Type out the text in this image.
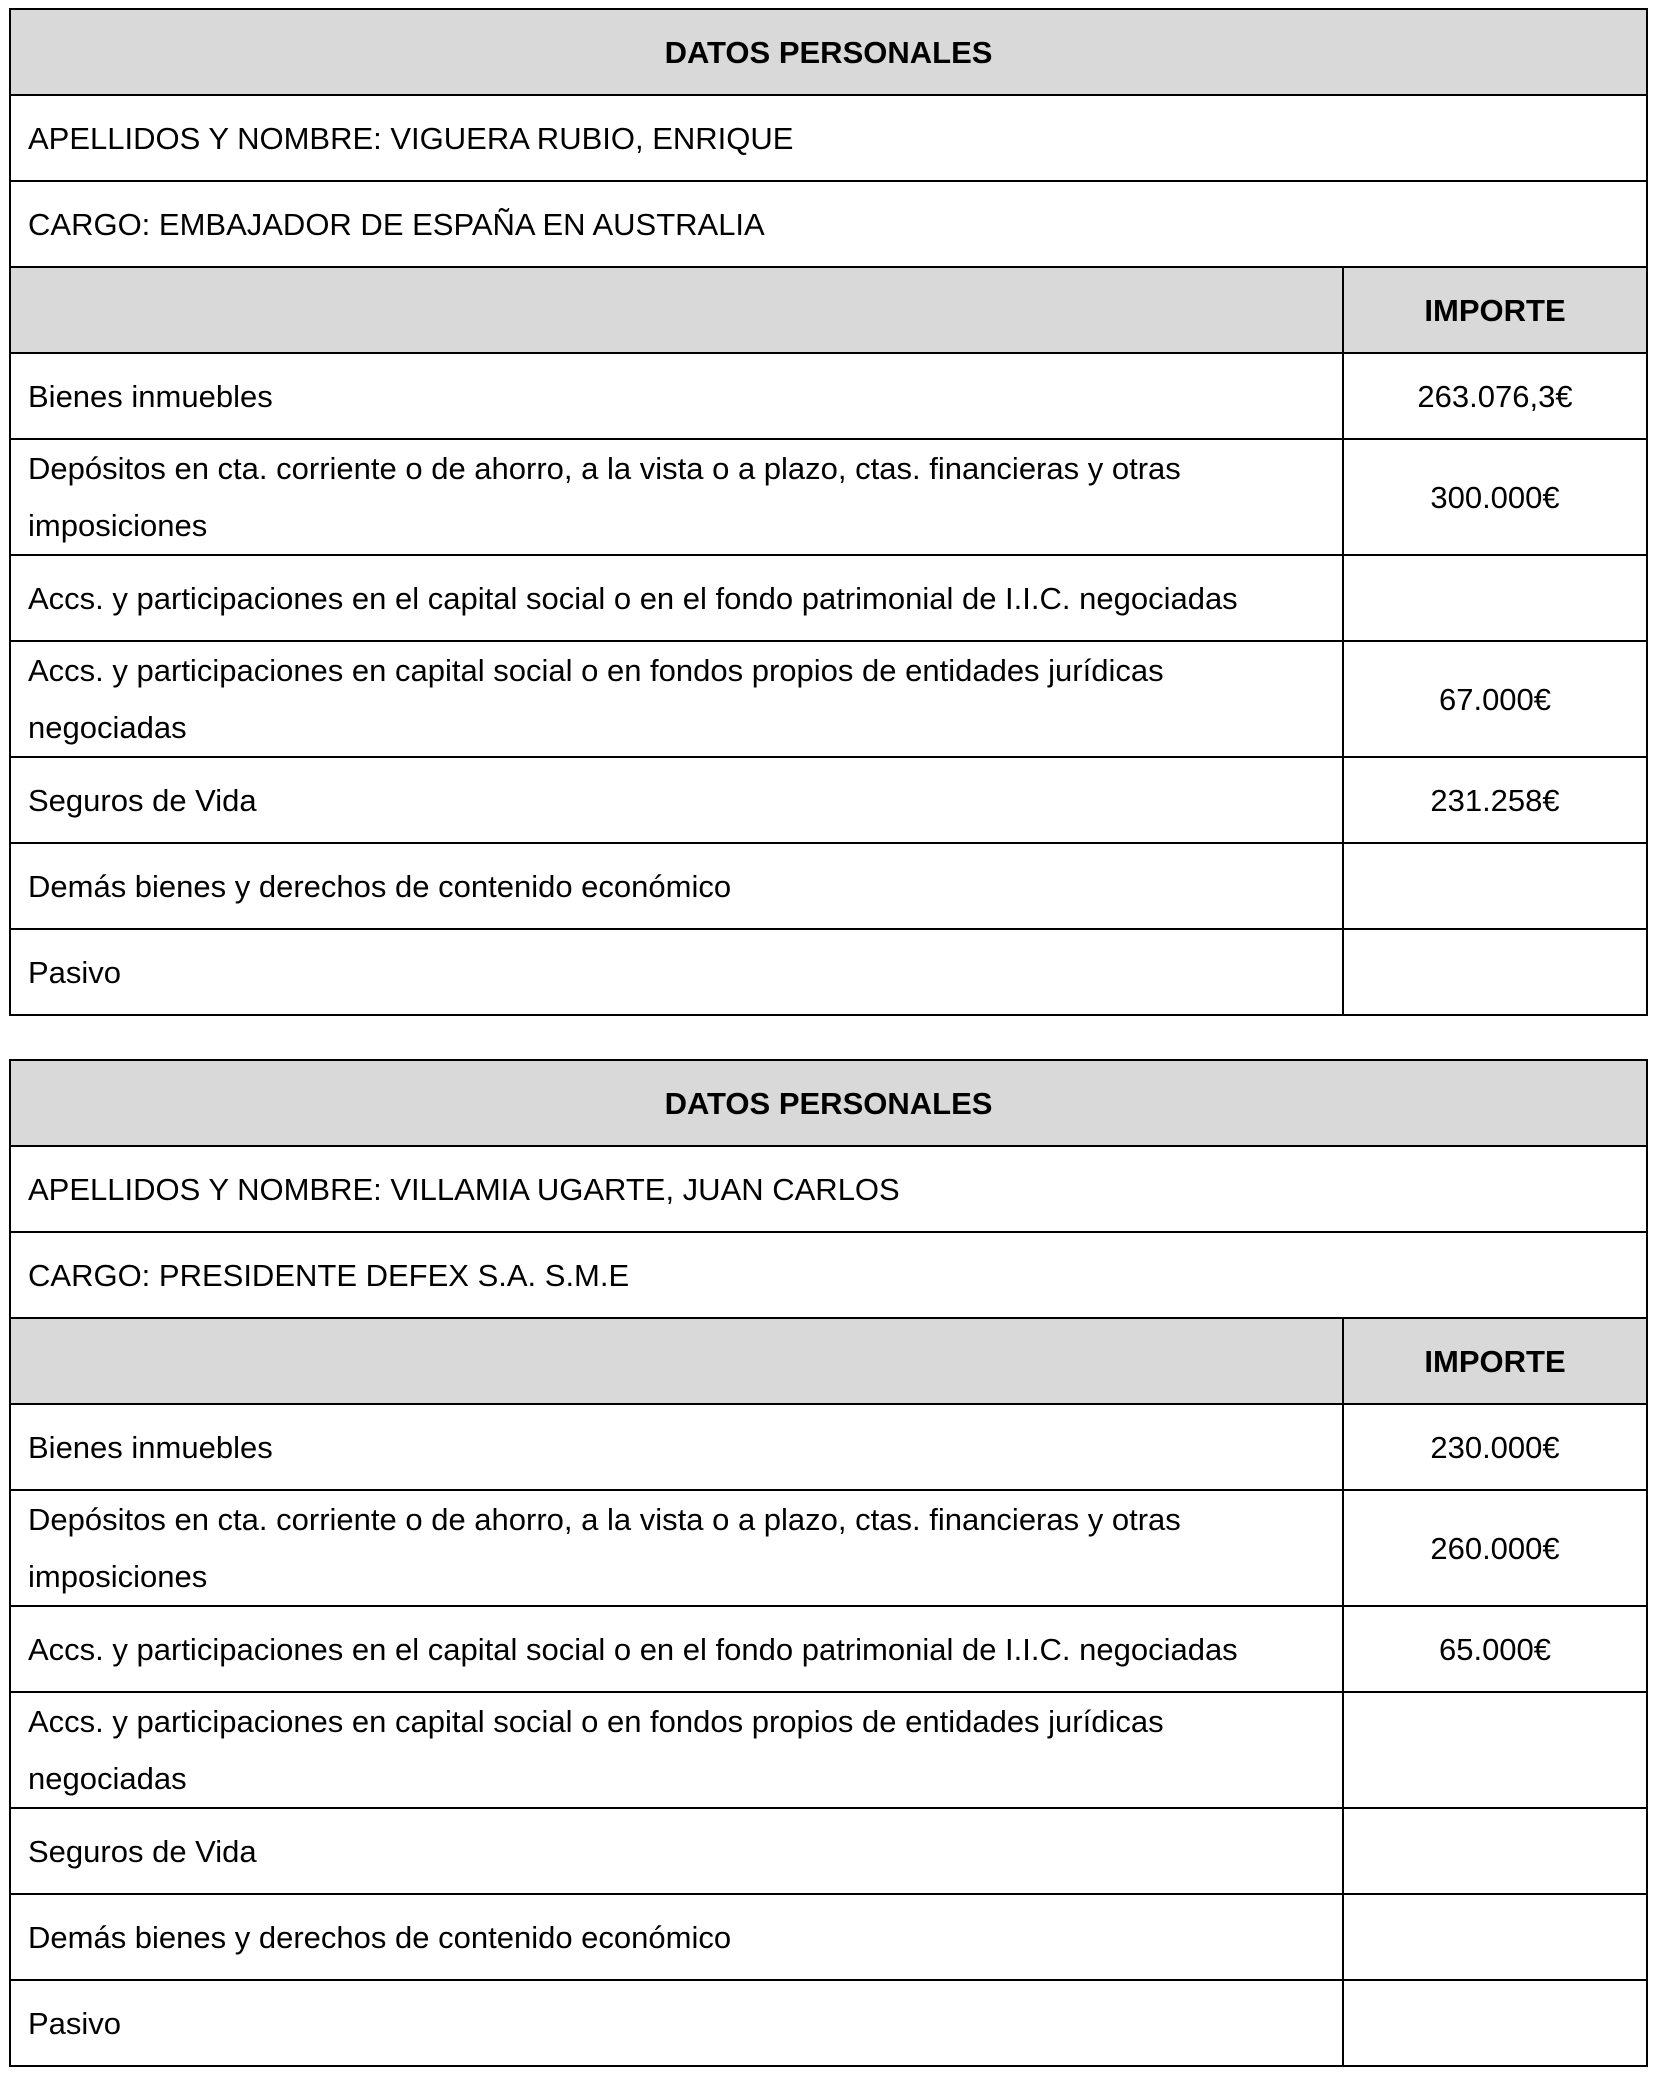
DATOS PERSONALES	
APELLIDOS Y NOMBRE: VIGUERA RUBIO, ENRIQUE	
CARGO: EMBAJADOR DE ESPAÑA EN AUSTRALIA	
	IMPORTE
Bienes inmuebles	263.076,3€
Depósitos en cta. corriente o de ahorro, a la vista o a plazo, ctas. financieras y otras imposiciones	300.000€
Accs. y participaciones en el capital social o en el fondo patrimonial de I.I.C. negociadas	
Accs. y participaciones en capital social o en fondos propios de entidades jurídicas negociadas	67.000€
Seguros de Vida	231.258€
Demás bienes y derechos de contenido económico	
Pasivo	
DATOS PERSONALES	
APELLIDOS Y NOMBRE: VILLAMIA UGARTE, JUAN CARLOS	
CARGO: PRESIDENTE DEFEX S.A. S.M.E	
	IMPORTE
Bienes inmuebles	230.000€
Depósitos en cta. corriente o de ahorro, a la vista o a plazo, ctas. financieras y otras imposiciones	260.000€
Accs. y participaciones en el capital social o en el fondo patrimonial de I.I.C. negociadas	65.000€
Accs. y participaciones en capital social o en fondos propios de entidades jurídicas negociadas	
Seguros de Vida	
Demás bienes y derechos de contenido económico	
Pasivo	
